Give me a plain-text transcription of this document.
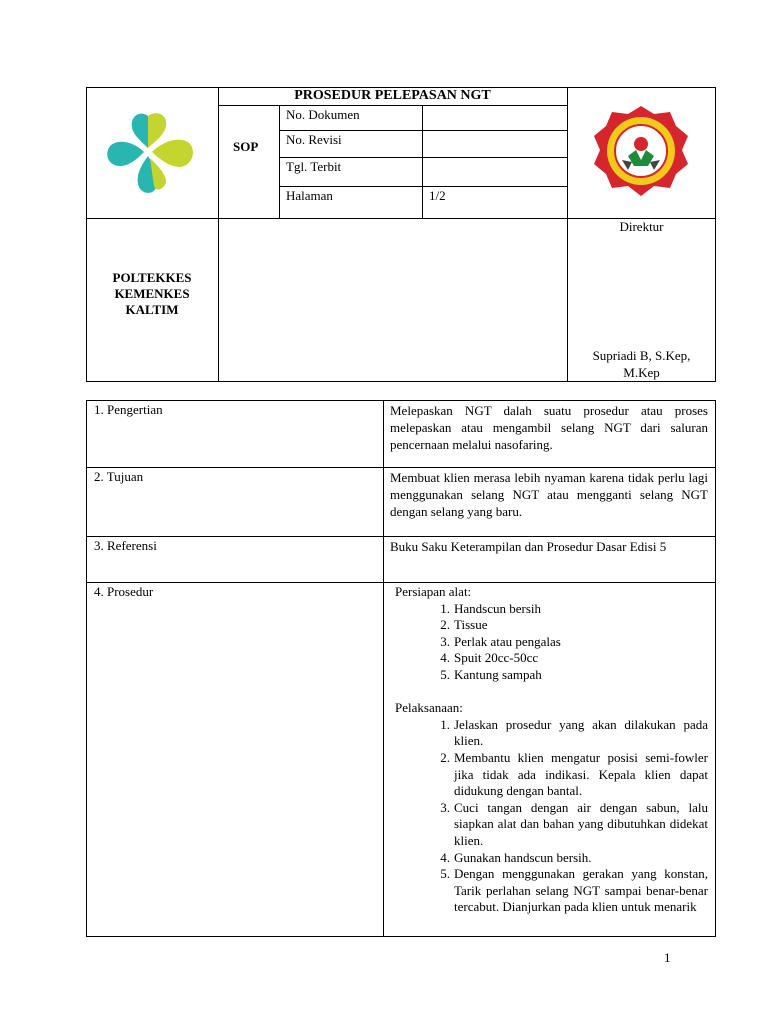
PROSEDUR PELEPASAN NGT
SOP
No. Dokumen
No. Revisi
Tgl. Terbit
Halaman	1/2
POLTEKKES
KEMENKES
KALTIM
Direktur
Supriadi B, S.Kep,
M.Kep
1. Pengertian	Melepaskan NGT dalah suatu prosedur atau proses melepaskan atau mengambil selang NGT dari saluran pencernaan melalui nasofaring.
2. Tujuan	Membuat klien merasa lebih nyaman karena tidak perlu lagi menggunakan selang NGT atau mengganti selang NGT dengan selang yang baru.
3. Referensi	Buku Saku Keterampilan dan Prosedur Dasar Edisi 5
4. Prosedur	Persiapan alat:
1. Handscun bersih
2. Tissue
3. Perlak atau pengalas
4. Spuit 20cc-50cc
5. Kantung sampah
Pelaksanaan:
1. Jelaskan prosedur yang akan dilakukan pada klien.
2. Membantu klien mengatur posisi semi-fowler jika tidak ada indikasi. Kepala klien dapat didukung dengan bantal.
3. Cuci tangan dengan air dengan sabun, lalu siapkan alat dan bahan yang dibutuhkan didekat klien.
4. Gunakan handscun bersih.
5. Dengan menggunakan gerakan yang konstan, Tarik perlahan selang NGT sampai benar-benar tercabut. Dianjurkan pada klien untuk menarik
1
